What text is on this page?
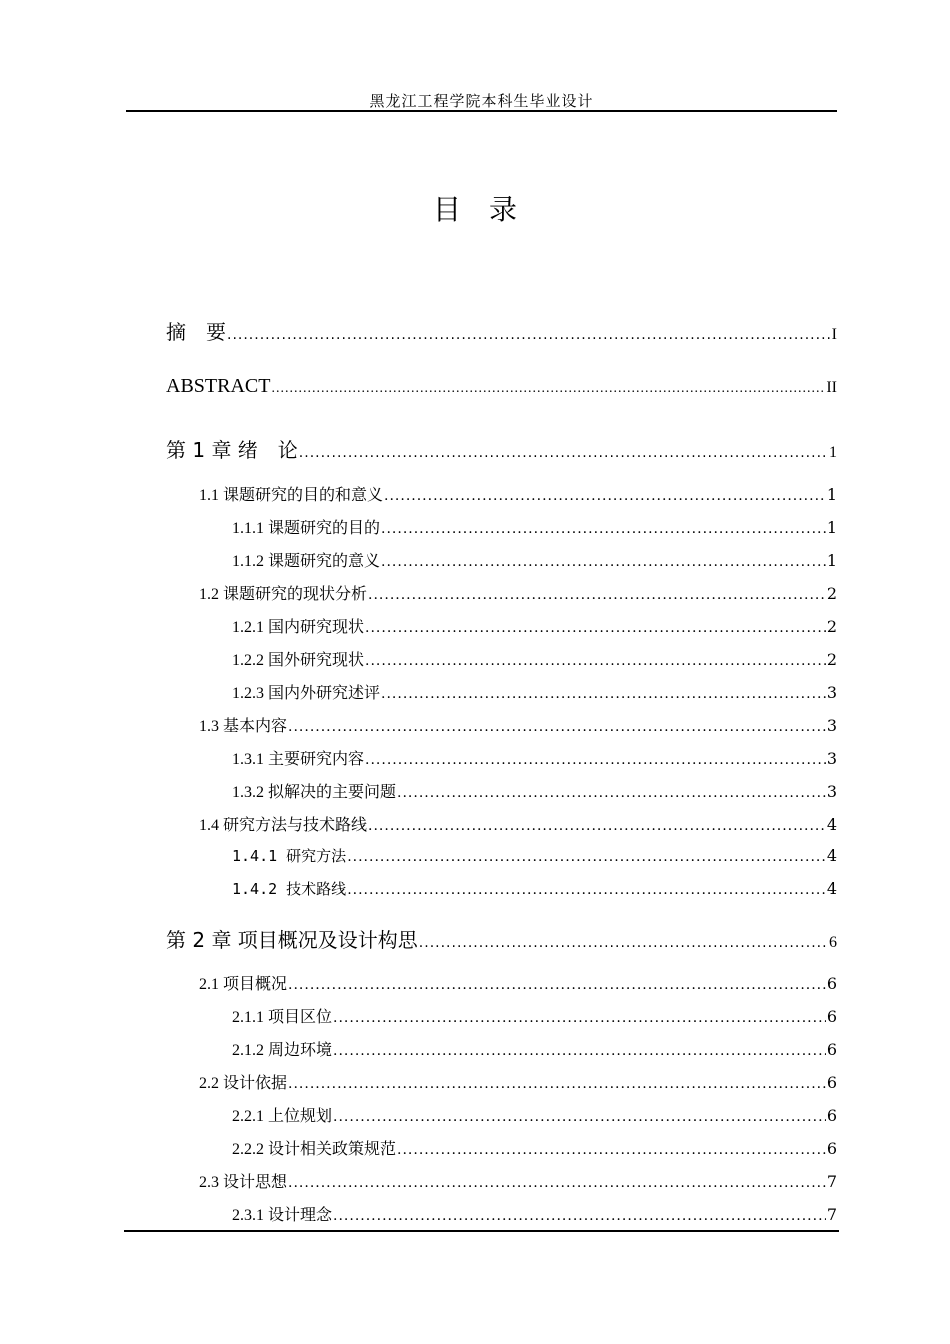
黑龙江工程学院本科生毕业设计
目录
摘　要 .....	I
ABSTRACT .....	II
第 1 章 绪　论 .....	1
1.1 课题研究的目的和意义 .....	1
1.1.1 课题研究的目的 .....	1
1.1.2 课题研究的意义 .....	1
1.2 课题研究的现状分析 .....	2
1.2.1 国内研究现状 .....	2
1.2.2 国外研究现状 .....	2
1.2.3 国内外研究述评 .....	3
1.3 基本内容 .....	3
1.3.1 主要研究内容 .....	3
1.3.2 拟解决的主要问题 .....	3
1.4 研究方法与技术路线 .....	4
1.4.1 研究方法 .....	4
1.4.2 技术路线 .....	4
第 2 章 项目概况及设计构思 .....	6
2.1 项目概况 .....	6
2.1.1 项目区位 .....	6
2.1.2 周边环境 .....	6
2.2 设计依据 .....	6
2.2.1 上位规划 .....	6
2.2.2 设计相关政策规范 .....	6
2.3 设计思想 .....	7
2.3.1 设计理念 .....	7
